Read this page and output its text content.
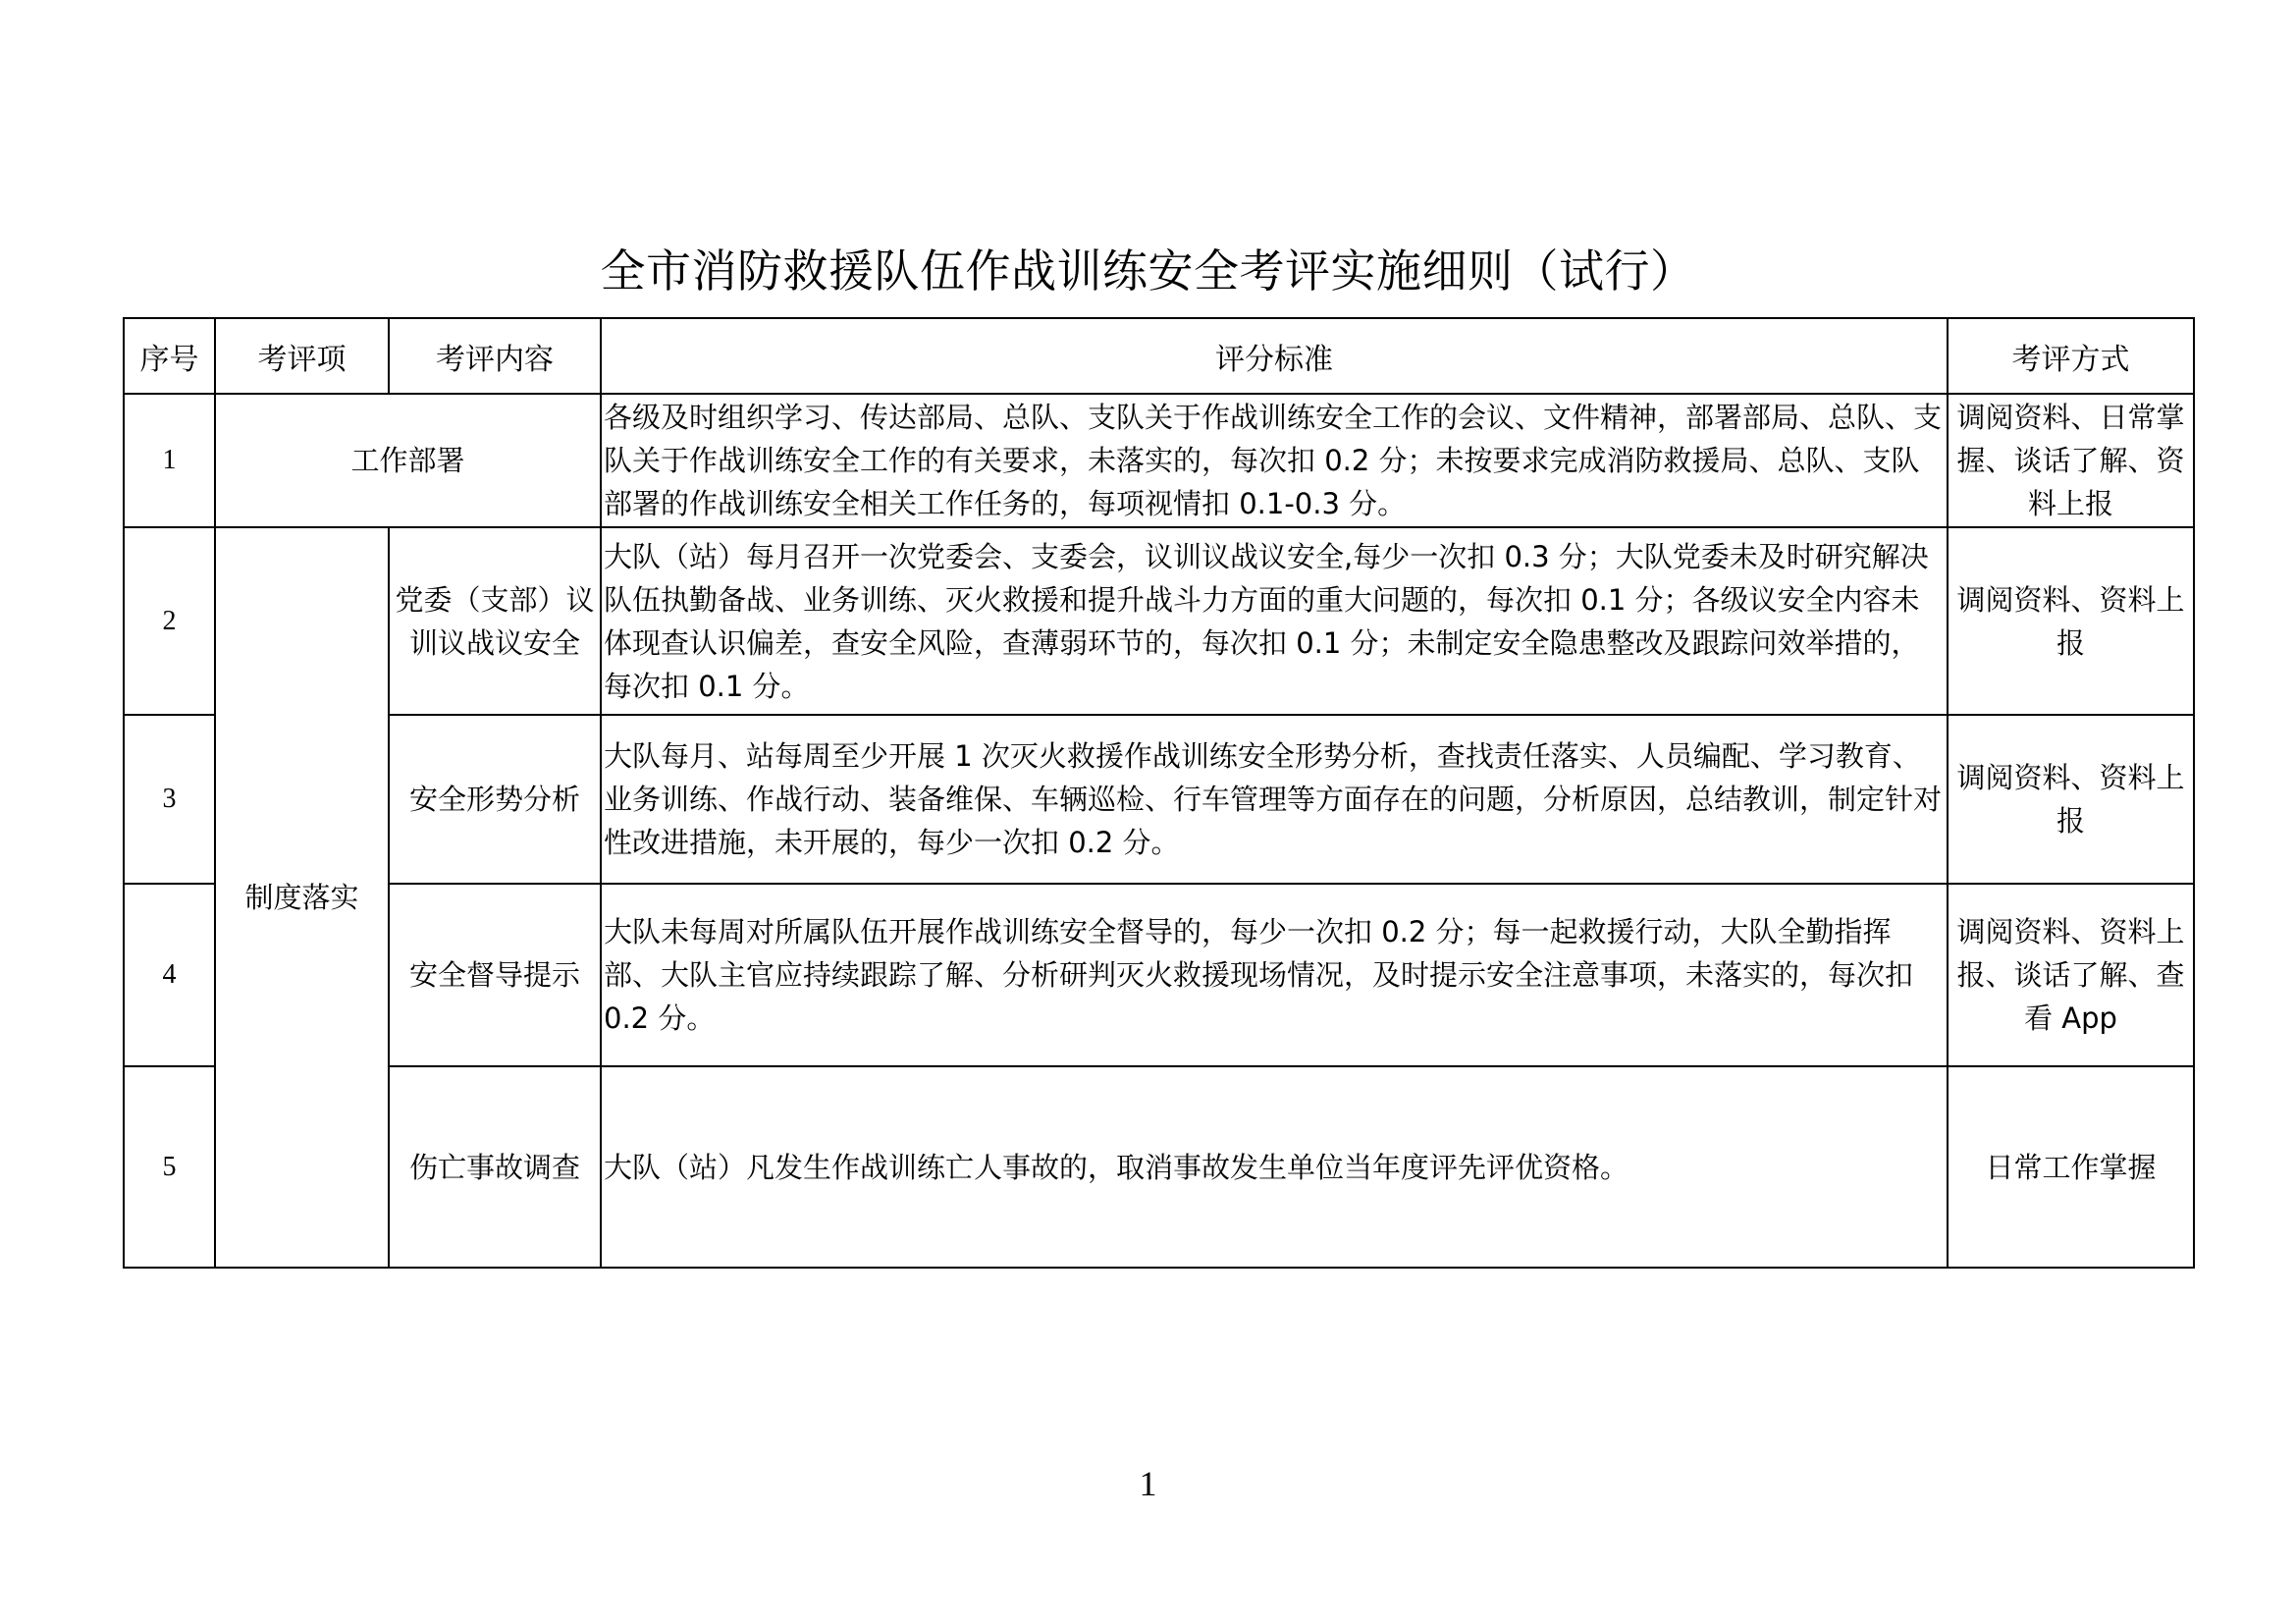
全市消防救援队伍作战训练安全考评实施细则（试行）
序号	考评项	考评内容	评分标准	考评方式
1	工作部署		各级及时组织学习、传达部局、总队、支队关于作战训练安全工作的会议、文件精神，部署部局、总队、支队关于作战训练安全工作的有关要求，未落实的，每次扣 0.2 分；未按要求完成消防救援局、总队、支队部署的作战训练安全相关工作任务的，每项视情扣 0.1-0.3 分。	调阅资料、日常掌握、谈话了解、资料上报
2	制度落实	党委（支部）议训议战议安全	大队（站）每月召开一次党委会、支委会，议训议战议安全,每少一次扣 0.3 分；大队党委未及时研究解决队伍执勤备战、业务训练、灭火救援和提升战斗力方面的重大问题的，每次扣 0.1 分；各级议安全内容未体现查认识偏差，查安全风险，查薄弱环节的，每次扣 0.1 分；未制定安全隐患整改及跟踪问效举措的，每次扣 0.1 分。	调阅资料、资料上报
3		安全形势分析	大队每月、站每周至少开展 1 次灭火救援作战训练安全形势分析，查找责任落实、人员编配、学习教育、业务训练、作战行动、装备维保、车辆巡检、行车管理等方面存在的问题，分析原因，总结教训，制定针对性改进措施，未开展的，每少一次扣 0.2 分。	调阅资料、资料上报
4		安全督导提示	大队未每周对所属队伍开展作战训练安全督导的，每少一次扣 0.2 分；每一起救援行动，大队全勤指挥部、大队主官应持续跟踪了解、分析研判灭火救援现场情况，及时提示安全注意事项，未落实的，每次扣 0.2 分。	调阅资料、资料上报、谈话了解、查看 App
5		伤亡事故调查	大队（站）凡发生作战训练亡人事故的，取消事故发生单位当年度评先评优资格。	日常工作掌握
1
